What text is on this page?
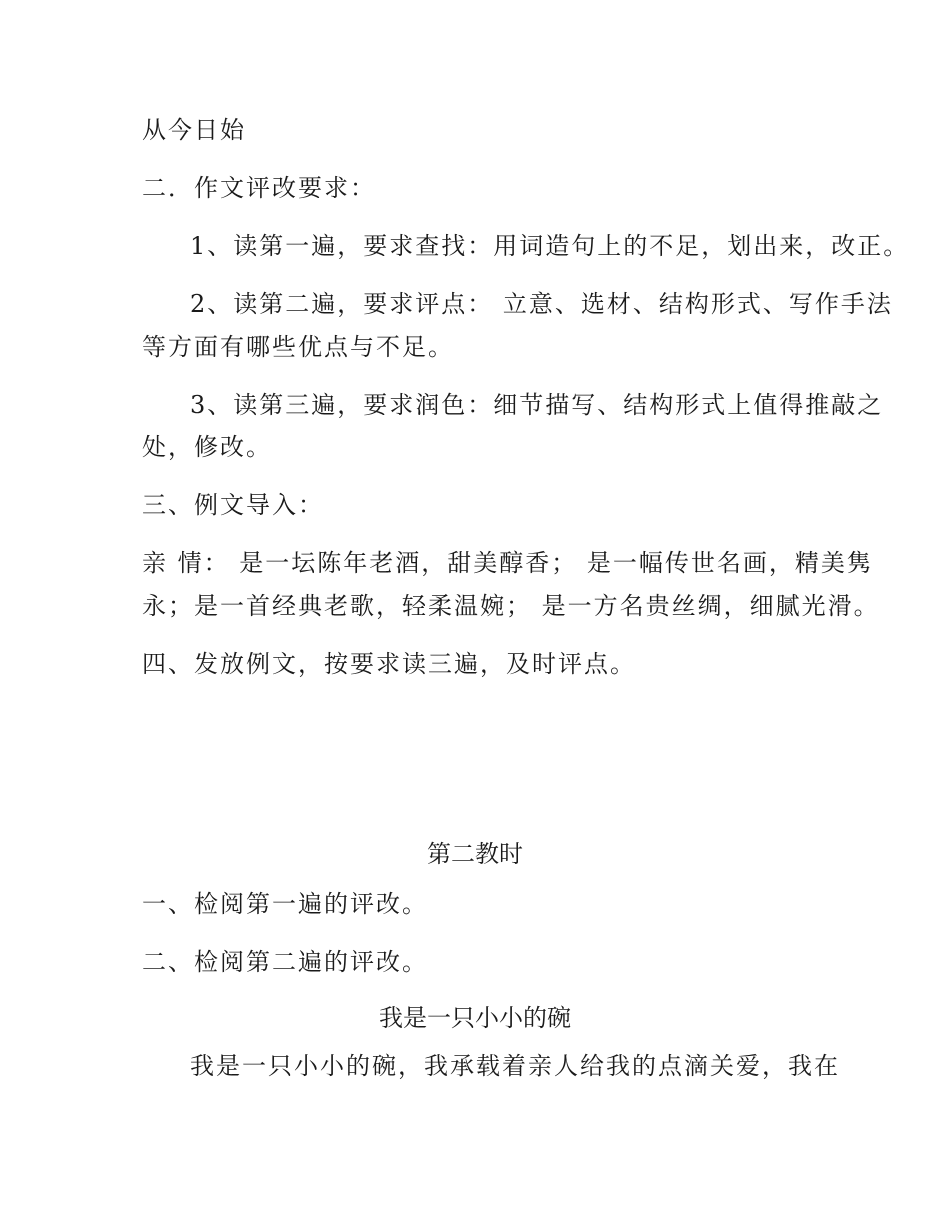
从今日始
二．作文评改要求：
1、读第一遍，要求查找：用词造句上的不足，划出来，改正。
2、读第二遍，要求评点： 立意、选材、结构形式、写作手法
等方面有哪些优点与不足。
3、读第三遍，要求润色：细节描写、结构形式上值得推敲之
处，修改。
三、例文导入：
亲 情： 是一坛陈年老酒，甜美醇香； 是一幅传世名画，精美隽
永；是一首经典老歌，轻柔温婉； 是一方名贵丝绸，细腻光滑。
四、发放例文，按要求读三遍，及时评点。
第二教时
一、检阅第一遍的评改。
二、检阅第二遍的评改。
我是一只小小的碗
我是一只小小的碗，我承载着亲人给我的点滴关爱，我在
